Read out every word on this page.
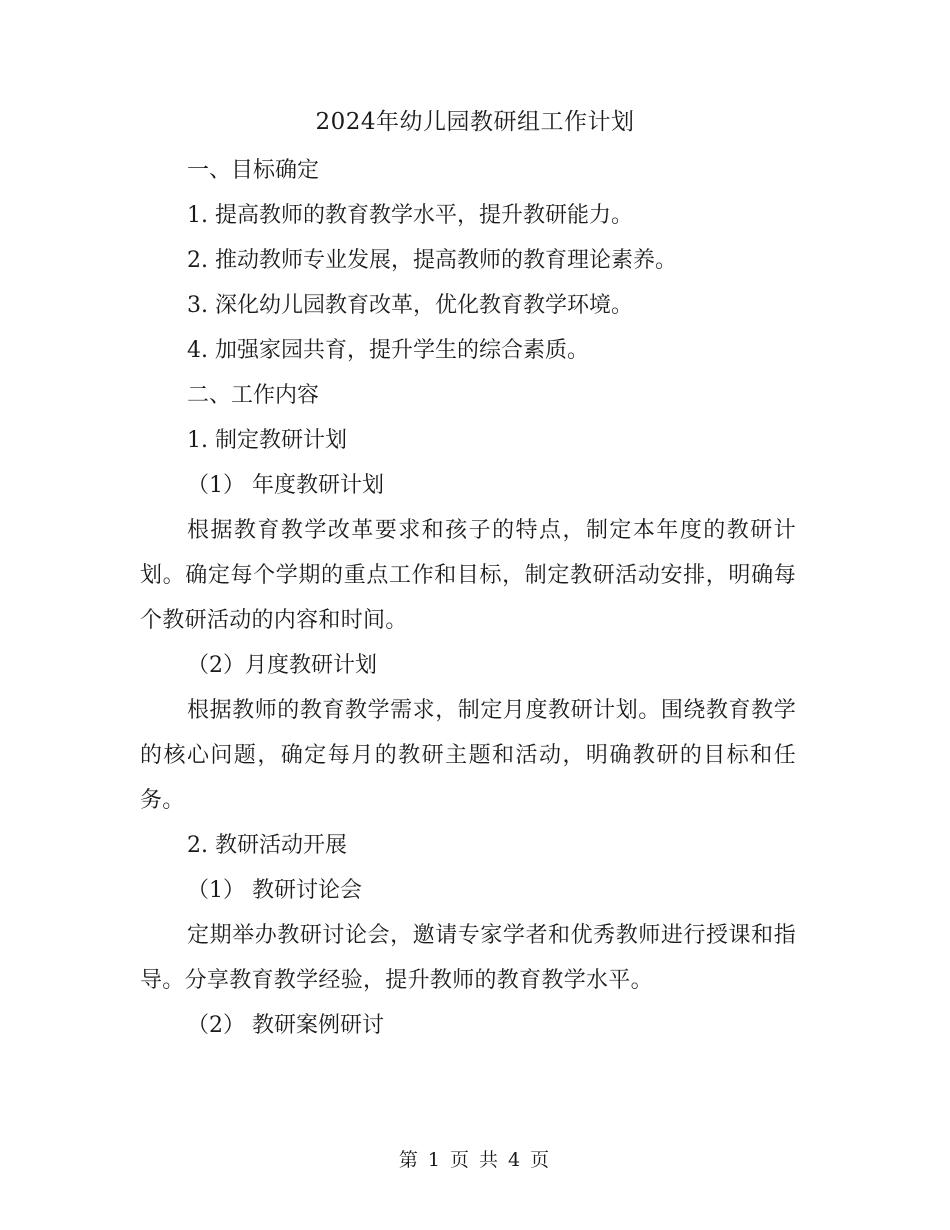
2024年幼儿园教研组工作计划
一、目标确定
1. 提高教师的教育教学水平，提升教研能力。
2. 推动教师专业发展，提高教师的教育理论素养。
3. 深化幼儿园教育改革，优化教育教学环境。
4. 加强家园共育，提升学生的综合素质。
二、工作内容
1. 制定教研计划
（1） 年度教研计划
根据教育教学改革要求和孩子的特点，制定本年度的教研计划。确定每个学期的重点工作和目标，制定教研活动安排，明确每个教研活动的内容和时间。
（2）月度教研计划
根据教师的教育教学需求，制定月度教研计划。围绕教育教学的核心问题，确定每月的教研主题和活动，明确教研的目标和任务。
2. 教研活动开展
（1） 教研讨论会
定期举办教研讨论会，邀请专家学者和优秀教师进行授课和指导。分享教育教学经验，提升教师的教育教学水平。
（2） 教研案例研讨
第 1 页 共 4 页
